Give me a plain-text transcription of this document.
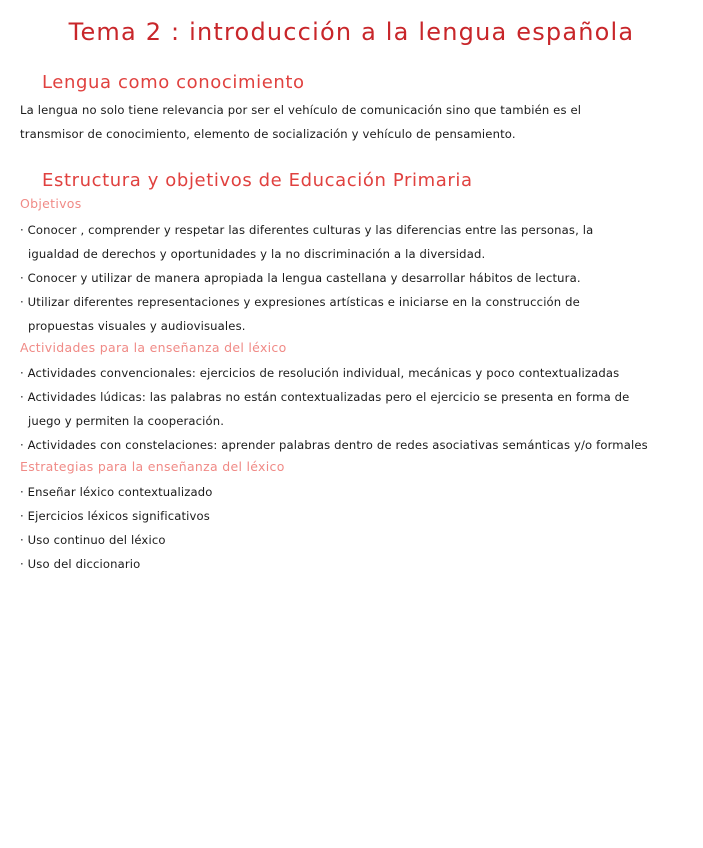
Tema 2 : introducción a la lengua española
Lengua como conocimiento
La lengua no solo tiene relevancia por ser el vehículo de comunicación sino que también es el
transmisor de conocimiento, elemento de socialización y vehículo de pensamiento.
Estructura y objetivos de Educación Primaria
Objetivos
· Conocer , comprender y respetar las diferentes culturas y las diferencias entre las personas, la
igualdad de derechos y oportunidades y la no discriminación a la diversidad.
· Conocer y utilizar de manera apropiada la lengua castellana y desarrollar hábitos de lectura.
· Utilizar diferentes representaciones y expresiones artísticas e iniciarse en la construcción de
propuestas visuales y audiovisuales.
Actividades para la enseñanza del léxico
· Actividades convencionales: ejercicios de resolución individual, mecánicas y poco contextualizadas
· Actividades lúdicas: las palabras no están contextualizadas pero el ejercicio se presenta en forma de
juego y permiten la cooperación.
· Actividades con constelaciones: aprender palabras dentro de redes asociativas semánticas y/o formales
Estrategias para la enseñanza del léxico
· Enseñar léxico contextualizado
· Ejercicios léxicos significativos
· Uso continuo del léxico
· Uso del diccionario
